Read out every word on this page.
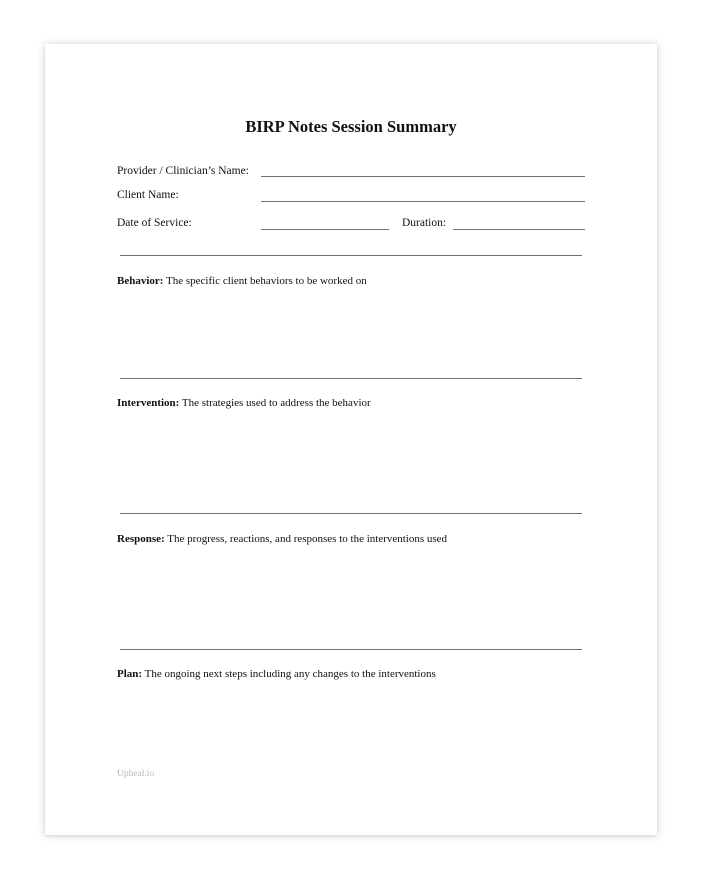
BIRP Notes Session Summary
Provider / Clinician’s Name:
Client Name:
Date of Service:	Duration:
Behavior: The specific client behaviors to be worked on
Intervention: The strategies used to address the behavior
Response: The progress, reactions, and responses to the interventions used
Plan: The ongoing next steps including any changes to the interventions
Upheal.io
